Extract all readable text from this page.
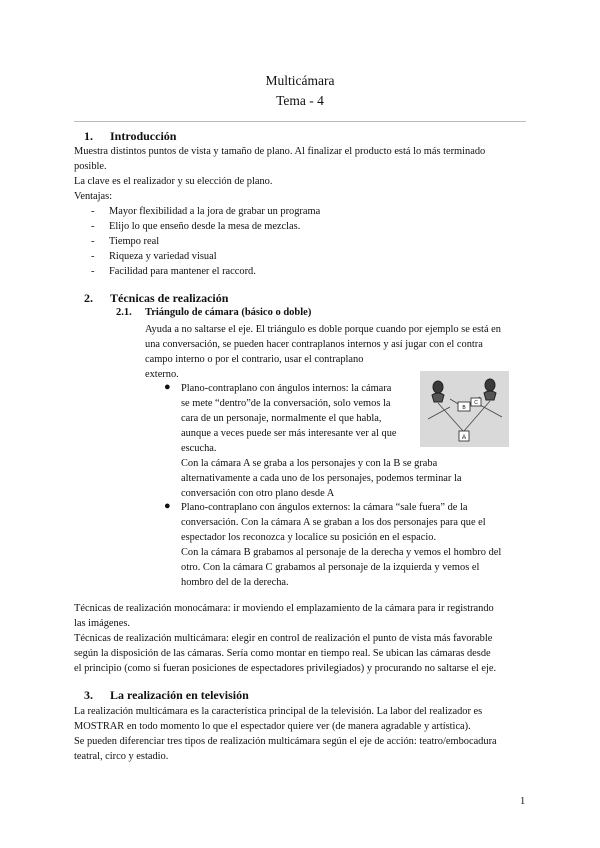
Multicámara
Tema - 4
1. Introducción
Muestra distintos puntos de vista y tamaño de plano. Al finalizar el producto está lo más terminado
posible.
La clave es el realizador y su elección de plano.
Ventajas:
- Mayor flexibilidad a la jora de grabar un programa
- Elijo lo que enseño desde la mesa de mezclas.
- Tiempo real
- Riqueza y variedad visual
- Facilidad para mantener el raccord.
2. Técnicas de realización
2.1. Triángulo de cámara (básico o doble)
Ayuda a no saltarse el eje. El triángulo es doble porque cuando por ejemplo se está en
una conversación, se pueden hacer contraplanos internos y así jugar con el contra
campo interno o por el contrario, usar el contraplano
externo.
● Plano-contraplano con ángulos internos: la cámara
se mete “dentro”de la conversación, solo vemos la
cara de un personaje, normalmente el que habla,
aunque a veces puede ser más interesante ver al que
escucha.
Con la cámara A se graba a los personajes y con la B se graba
alternativamente a cada uno de los personajes, podemos terminar la
conversación con otro plano desde A
● Plano-contraplano con ángulos externos: la cámara “sale fuera” de la
conversación. Con la cámara A se graban a los dos personajes para que el
espectador los reconozca y localice su posición en el espacio.
Con la cámara B grabamos al personaje de la derecha y vemos el hombro del
otro. Con la cámara C grabamos al personaje de la izquierda y vemos el
hombro del de la derecha.
A
B
C
Técnicas de realización monocámara: ir moviendo el emplazamiento de la cámara para ir registrando
las imágenes.
Técnicas de realización multicámara: elegir en control de realización el punto de vista más favorable
según la disposición de las cámaras. Sería como montar en tiempo real. Se ubican las cámaras desde
el principio (como si fueran posiciones de espectadores privilegiados) y procurando no saltarse el eje.
3. La realización en televisión
La realización multicámara es la característica principal de la televisión. La labor del realizador es
MOSTRAR en todo momento lo que el espectador quiere ver (de manera agradable y artística).
Se pueden diferenciar tres tipos de realización multicámara según el eje de acción: teatro/embocadura
teatral, circo y estadio.
1
